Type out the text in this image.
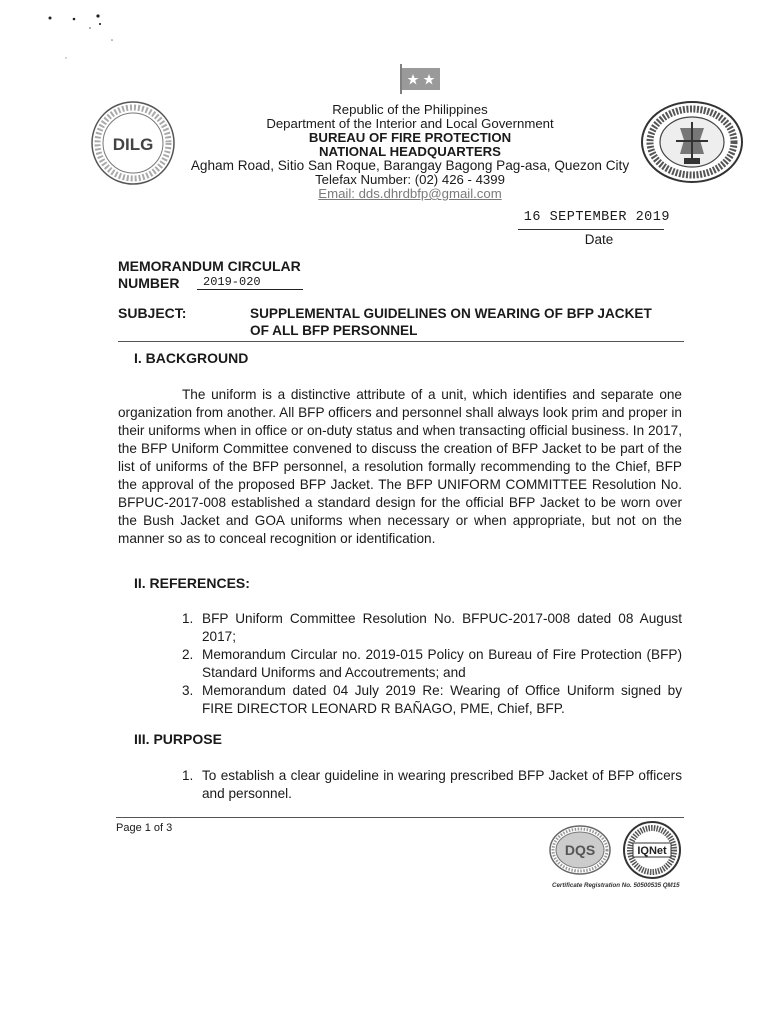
DILG
Republic of the Philippines
Department of the Interior and Local Government
BUREAU OF FIRE PROTECTION
NATIONAL HEADQUARTERS
Agham Road, Sitio San Roque, Barangay Bagong Pag-asa, Quezon City
Telefax Number: (02) 426 - 4399
Email: dds.dhrdbfp@gmail.com
16 SEPTEMBER 2019
Date
MEMORANDUM CIRCULAR
NUMBER	2019-020
SUBJECT:	SUPPLEMENTAL GUIDELINES ON WEARING OF BFP JACKET OF ALL BFP PERSONNEL
I. BACKGROUND
The uniform is a distinctive attribute of a unit, which identifies and separate one organization from another. All BFP officers and personnel shall always look prim and proper in their uniforms when in office or on-duty status and when transacting official business. In 2017, the BFP Uniform Committee convened to discuss the creation of BFP Jacket to be part of the list of uniforms of the BFP personnel, a resolution formally recommending to the Chief, BFP the approval of the proposed BFP Jacket. The BFP UNIFORM COMMITTEE Resolution No. BFPUC-2017-008 established a standard design for the official BFP Jacket to be worn over the Bush Jacket and GOA uniforms when necessary or when appropriate, but not on the manner so as to conceal recognition or identification.
II. REFERENCES:
1. BFP Uniform Committee Resolution No. BFPUC-2017-008 dated 08 August 2017;
2. Memorandum Circular no. 2019-015 Policy on Bureau of Fire Protection (BFP) Standard Uniforms and Accoutrements; and
3. Memorandum dated 04 July 2019 Re: Wearing of Office Uniform signed by FIRE DIRECTOR LEONARD R BAÑAGO, PME, Chief, BFP.
III. PURPOSE
1. To establish a clear guideline in wearing prescribed BFP Jacket of BFP officers and personnel.
Page 1 of 3
DQS	IQNet
Certificate Registration No. 50500535 QM15
